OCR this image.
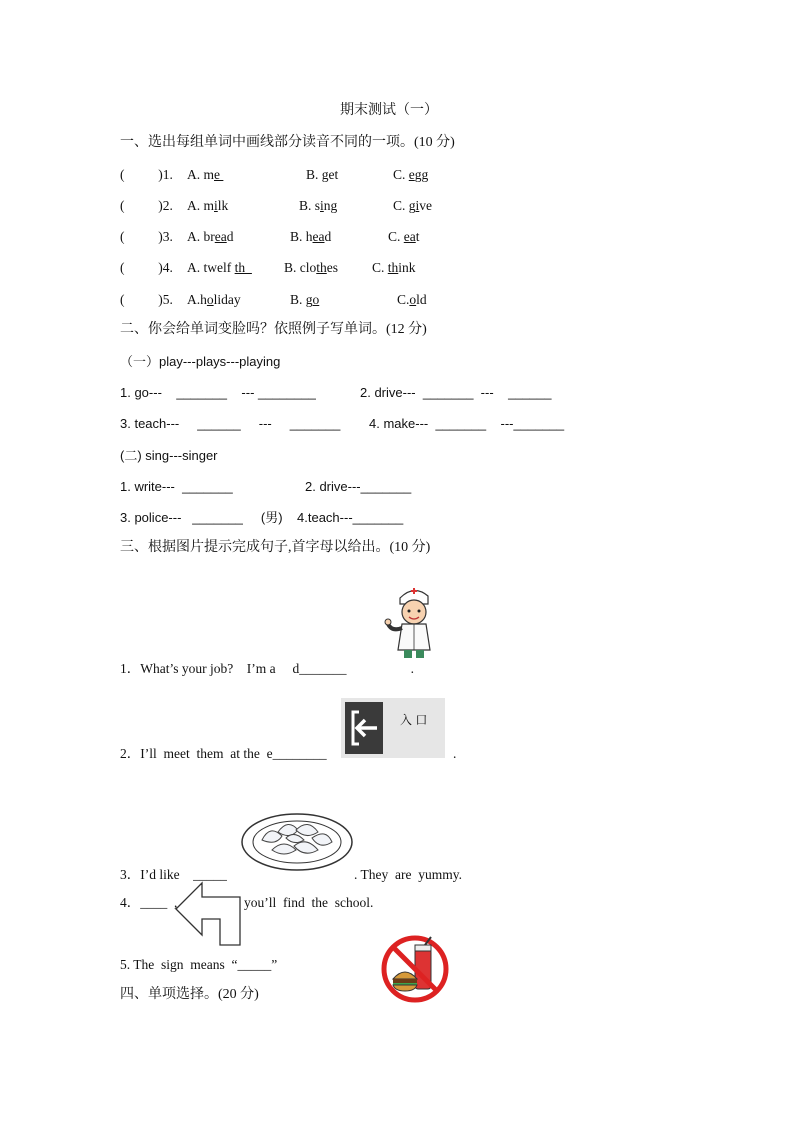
期末测试（一）
一、选出每组单词中画线部分读音不同的一项。(10 分)
(          )1. A. me	B. get	C. egg
(          )2. A. milk	B. sing	C. give
(          )3. A. bread	B. head	C. eat
(          )4. A. twelf th B. clothes	C. think
(          )5. A.holiday	B. go	C.old
二、你会给单词变脸吗？依照例子写单词。(12 分)
（一）play---plays---playing
1. go---    _______    --- ________	2. drive---  _______  ---    ______
3. teach---     ______     ---     _______ 4. make---  _______    ---_______
(二) sing---singer
1. write---  _______	2. drive---_______
3. police---   _______     (男)    4.teach---_______
三、根据图片提示完成句子,首字母以给出。(10 分)
1．What’s your job?    I’m a     d_______                   .
入 口
2．I’ll  meet  them  at the  e________	.
3．I’d like    _____	. They  are  yummy.
4．____  ,	you’ll  find  the  school.
5. The  sign  means  “_____”
四、单项选择。(20 分)
